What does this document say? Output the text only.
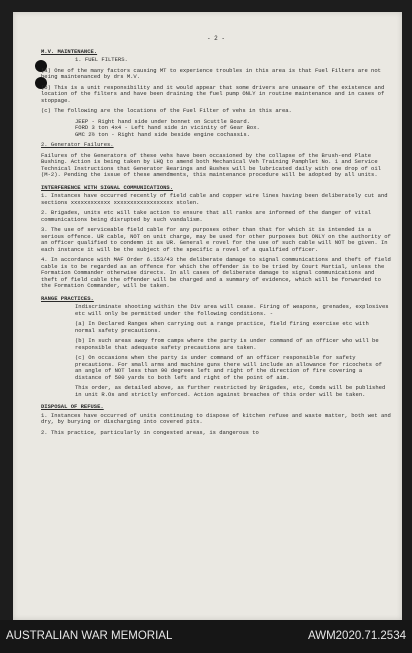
- 2 -
M.V. MAINTENANCE.
1. FUEL FILTERS.
(a) One of the many factors causing MT to experience troubles in this area is that Fuel Filters are not being maintenanced by drs M.V.
(b) This is a unit responsibility and it would appear that some drivers are unaware of the existence and location of the filters and have been draining the fuel pump ONLY in routine maintenance and in cases of stoppage.
(c) The following are the locations of the Fuel Filter of vehs in this area.
JEEP - Right hand side under bonnet on Scuttle Board.
FORD 3 ton 4x4 - Left hand side in vicinity of Gear Box.
GMC 2½ ton - Right hand side beside engine cochassis.
2. Generator Failures.
Failures of the Generators of these vehs have been occasioned by the collapse of the Brush-end Plate Bushing. Action is being taken by LHQ to amend both Mechanical Veh Training Pamphlet No. 1 and Service Technical Instructions that Generator Bearings and Bushes will be lubricated daily with one drop of oil (M-2). Pending the issue of these amendments, this maintenance procedure will be adopted by all units.
INTERFERENCE WITH SIGNAL COMMUNICATIONS.
1. Instances have occurred recently of field cable and copper wire lines having been deliberately cut and sections xxxxxxxxxxxx xxxxxxxxxxxxxxxxxx stolen.
2. Brigades, units etc will take action to ensure that all ranks are informed of the danger of vital communications being disrupted by such vandalism.
3. The use of serviceable field cable for any purposes other than that for which it is intended is a serious offence. UR cable, NOT on unit charge, may be used for other purposes but ONLY on the authority of an officer qualified to condemn it as UR. General e rovel for the use of such cable will NOT be given. In each instance it will be the subject of the specific a rovel of a qualified officer.
4. In accordance with MAF Order 6.153/43 the deliberate damage to signal communications and theft of field cable is to be regarded as an offence for which the offender is to be tried by Court Martial, unless the Formation Commander otherwise directs. In all cases of deliberate damage to signal communications and theft of field cable the offender will be charged and a summary of evidence, which will be forwarded to the Formation Commander, will be taken.
RANGE PRACTICES.
Indiscriminate shooting within the Div area will cease. Firing of weapons, grenades, explosives etc will only be permitted under the following conditions. -
(a) In Declared Ranges when carrying out a range practice, field firing exercise etc with normal safety precautions.
(b) In such areas away from camps where the party is under command of an officer who will be responsible that adequate safety precautions are taken.
(c) On occasions when the party is under command of an officer responsible for safety precautions. For small arms and machine guns there will include an allowance for ricochets of an angle of NOT less than 90 degrees left and right of the direction of fire covering a distance of 500 yards to both left and right of the point of aim.
This order, as detailed above, as further restricted by Brigades, etc, Comds will be published in unit R.Os and strictly enforced. Action against breaches of this order will be taken.
DISPOSAL OF REFUSE.
1. Instances have occurred of units continuing to dispose of kitchen refuse and waste matter, both wet and dry, by burying or discharging into covered pits.
2. This practice, particularly in congested areas, is dangerous to
AUSTRALIAN WAR MEMORIAL	AWM2020.71.2534
